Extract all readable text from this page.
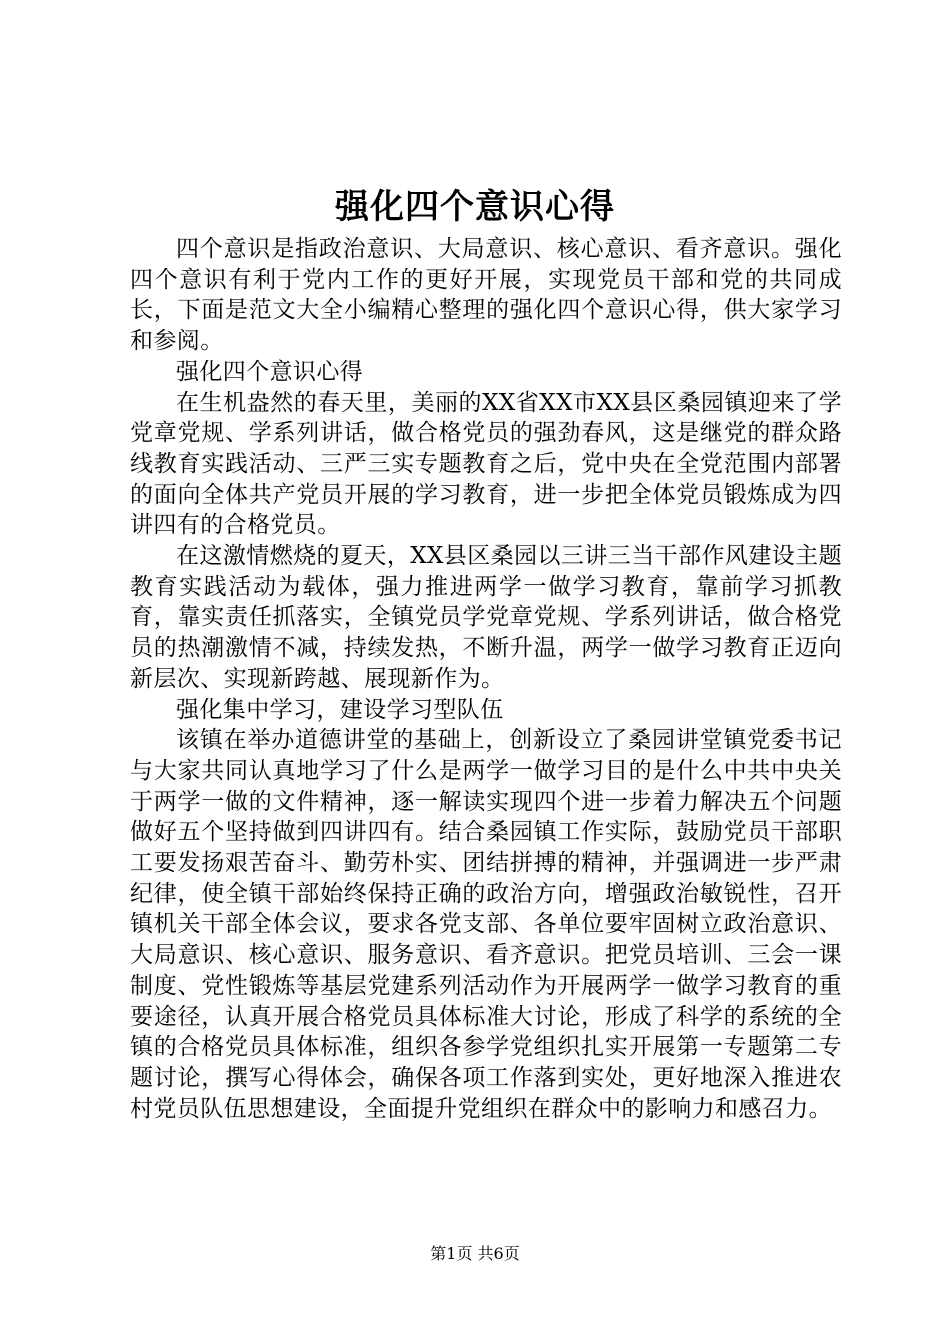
强化四个意识心得

四个意识是指政治意识、大局意识、核心意识、看齐意识。强化四个意识有利于党内工作的更好开展，实现党员干部和党的共同成长，下面是范文大全小编精心整理的强化四个意识心得，供大家学习和参阅。

强化四个意识心得

在生机盎然的春天里，美丽的XX省XX市XX县区桑园镇迎来了学党章党规、学系列讲话，做合格党员的强劲春风，这是继党的群众路线教育实践活动、三严三实专题教育之后，党中央在全党范围内部署的面向全体共产党员开展的学习教育，进一步把全体党员锻炼成为四讲四有的合格党员。

在这激情燃烧的夏天，XX县区桑园以三讲三当干部作风建设主题教育实践活动为载体，强力推进两学一做学习教育，靠前学习抓教育，靠实责任抓落实，全镇党员学党章党规、学系列讲话，做合格党员的热潮激情不减，持续发热，不断升温，两学一做学习教育正迈向新层次、实现新跨越、展现新作为。

强化集中学习，建设学习型队伍

该镇在举办道德讲堂的基础上，创新设立了桑园讲堂镇党委书记与大家共同认真地学习了什么是两学一做学习目的是什么中共中央关于两学一做的文件精神，逐一解读实现四个进一步着力解决五个问题做好五个坚持做到四讲四有。结合桑园镇工作实际，鼓励党员干部职工要发扬艰苦奋斗、勤劳朴实、团结拼搏的精神，并强调进一步严肃纪律，使全镇干部始终保持正确的政治方向，增强政治敏锐性，召开镇机关干部全体会议，要求各党支部、各单位要牢固树立政治意识、大局意识、核心意识、服务意识、看齐意识。把党员培训、三会一课制度、党性锻炼等基层党建系列活动作为开展两学一做学习教育的重要途径，认真开展合格党员具体标准大讨论，形成了科学的系统的全镇的合格党员具体标准，组织各参学党组织扎实开展第一专题第二专题讨论，撰写心得体会，确保各项工作落到实处，更好地深入推进农村党员队伍思想建设，全面提升党组织在群众中的影响力和感召力。

第1页 共6页
